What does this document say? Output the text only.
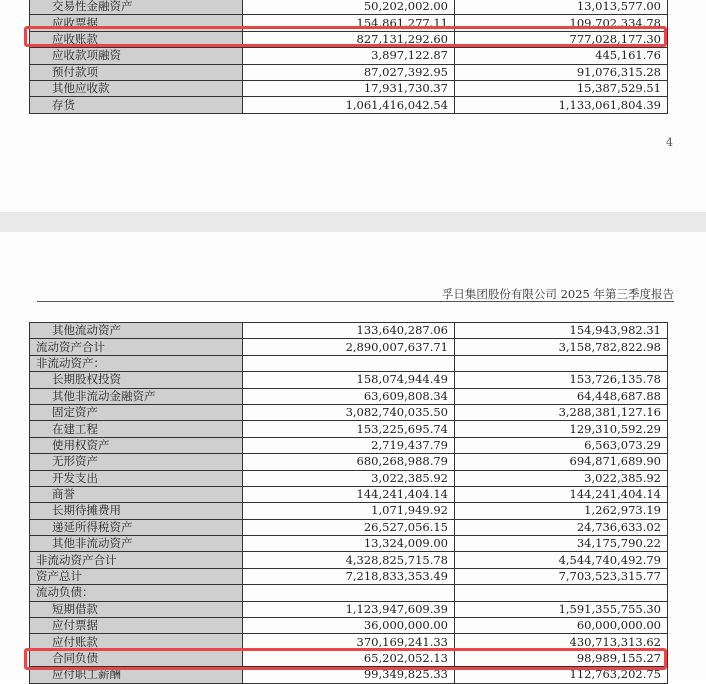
交易性金融资产	50,202,002.00	13,013,577.00
应收票据	154,861,277.11	109,702,334.78
应收账款	827,131,292.60	777,028,177.30
应收款项融资	3,897,122.87	445,161.76
预付款项	87,027,392.95	91,076,315.28
其他应收款	17,931,730.37	15,387,529.51
存货	1,061,416,042.54	1,133,061,804.39
4
孚日集团股份有限公司 2025 年第三季度报告
其他流动资产	133,640,287.06	154,943,982.31
流动资产合计	2,890,007,637.71	3,158,782,822.98
非流动资产：		
长期股权投资	158,074,944.49	153,726,135.78
其他非流动金融资产	63,609,808.34	64,448,687.88
固定资产	3,082,740,035.50	3,288,381,127.16
在建工程	153,225,695.74	129,310,592.29
使用权资产	2,719,437.79	6,563,073.29
无形资产	680,268,988.79	694,871,689.90
开发支出	3,022,385.92	3,022,385.92
商誉	144,241,404.14	144,241,404.14
长期待摊费用	1,071,949.92	1,262,973.19
递延所得税资产	26,527,056.15	24,736,633.02
其他非流动资产	13,324,009.00	34,175,790.22
非流动资产合计	4,328,825,715.78	4,544,740,492.79
资产总计	7,218,833,353.49	7,703,523,315.77
流动负债：		
短期借款	1,123,947,609.39	1,591,355,755.30
应付票据	36,000,000.00	60,000,000.00
应付账款	370,169,241.33	430,713,313.62
合同负债	65,202,052.13	98,989,155.27
应付职工薪酬	99,349,825.33	112,763,202.75
